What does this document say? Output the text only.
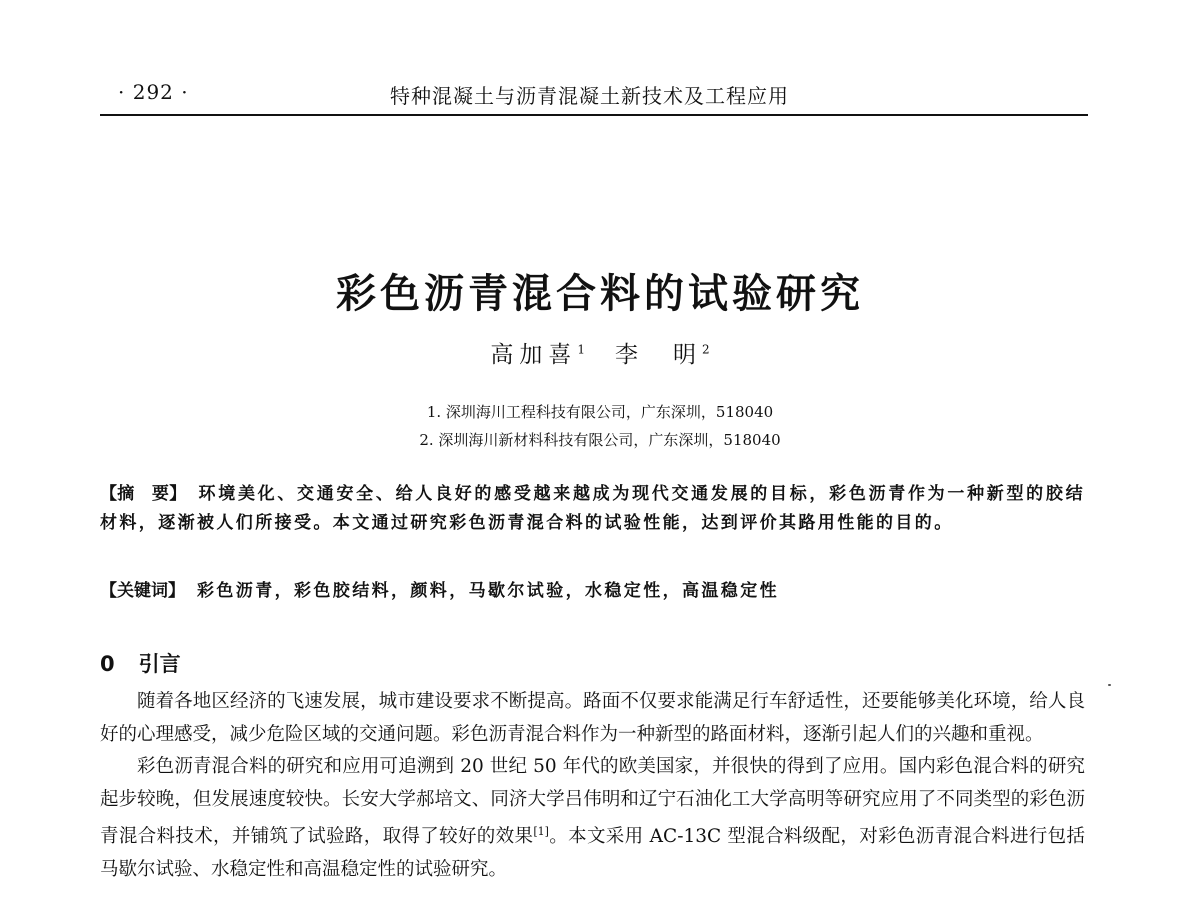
· 292 ·	特种混凝土与沥青混凝土新技术及工程应用
彩色沥青混合料的试验研究
高加喜$^1$ 李　明$^2$
1. 深圳海川工程科技有限公司，广东深圳，518040
2. 深圳海川新材料科技有限公司，广东深圳，518040
【摘　要】 环境美化、交通安全、给人良好的感受越来越成为现代交通发展的目标，彩色沥青作为一种新型的胶结材料，逐渐被人们所接受。本文通过研究彩色沥青混合料的试验性能，达到评价其路用性能的目的。
【关键词】 彩色沥青，彩色胶结料，颜料，马歇尔试验，水稳定性，高温稳定性
0 引言

随着各地区经济的飞速发展，城市建设要求不断提高。路面不仅要求能满足行车舒适性，还要能够美化环境，给人良好的心理感受，减少危险区域的交通问题。彩色沥青混合料作为一种新型的路面材料，逐渐引起人们的兴趣和重视。

彩色沥青混合料的研究和应用可追溯到 20 世纪 50 年代的欧美国家，并很快的得到了应用。国内彩色混合料的研究起步较晚，但发展速度较快。长安大学郝培文、同济大学吕伟明和辽宁石油化工大学高明等研究应用了不同类型的彩色沥青混合料技术，并铺筑了试验路，取得了较好的效果[1]。本文采用 AC-13C 型混合料级配，对彩色沥青混合料进行包括马歇尔试验、水稳定性和高温稳定性的试验研究。
